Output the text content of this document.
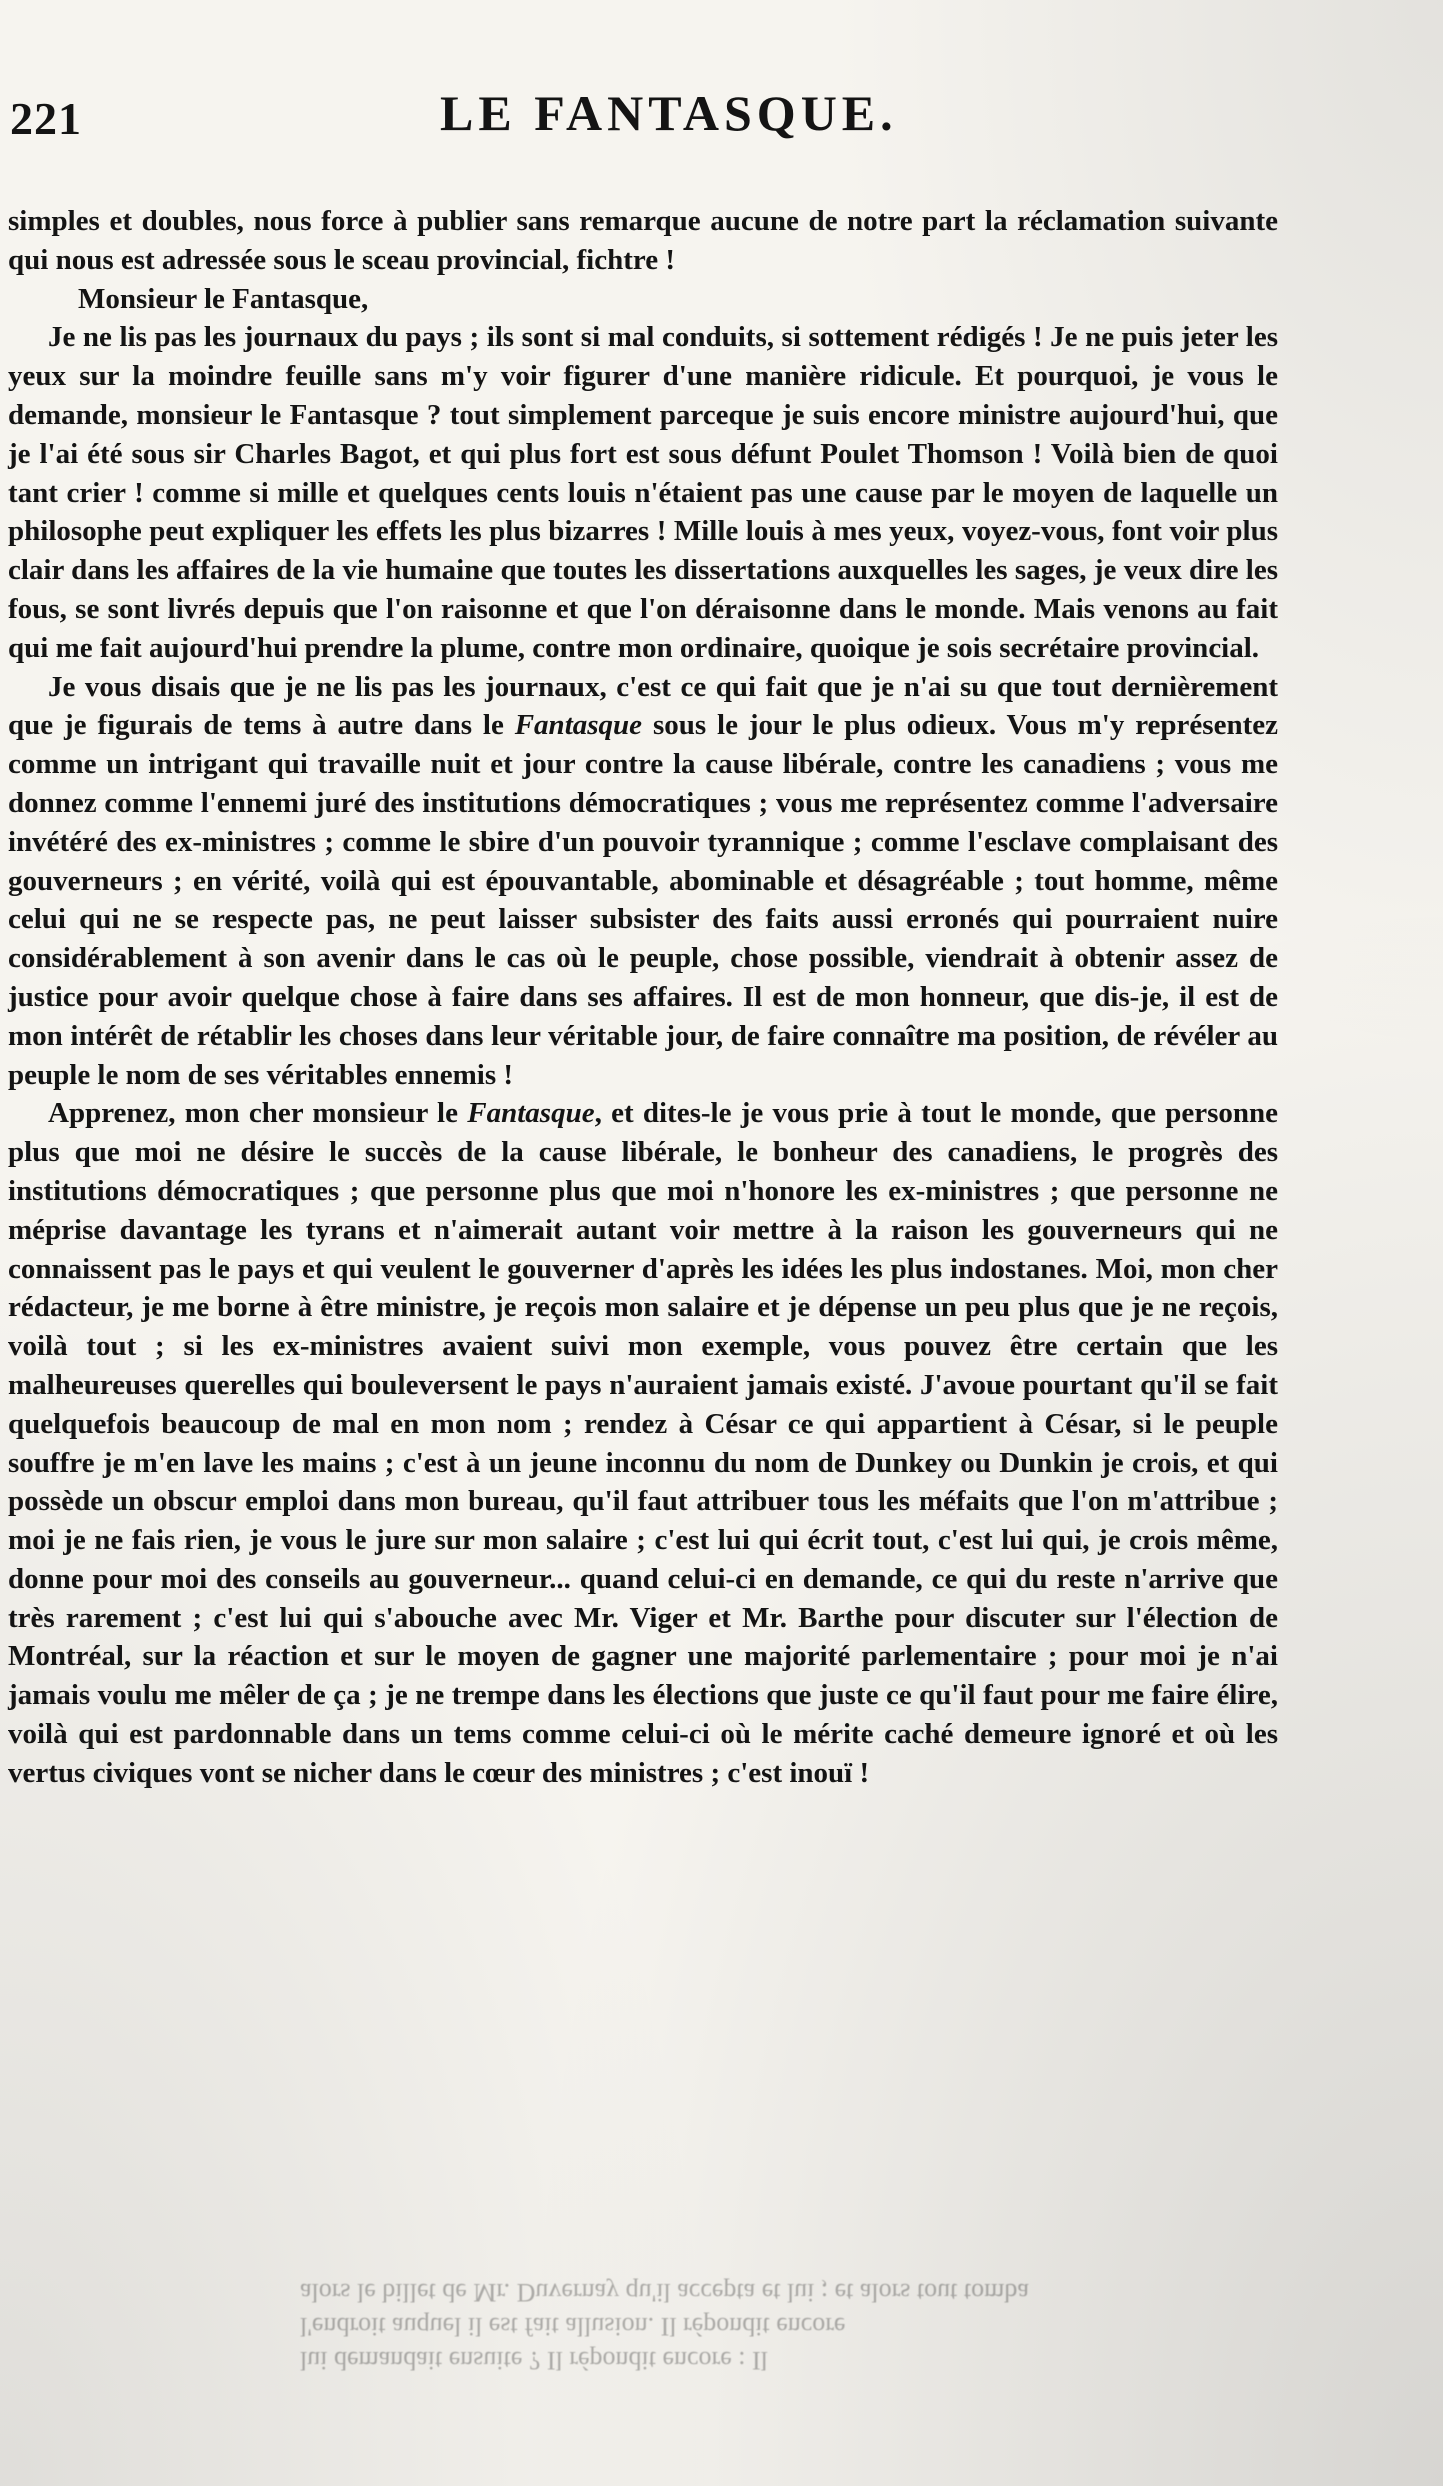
221	LE FANTASQUE.

simples et doubles, nous force à publier sans remarque aucune de notre part la réclamation suivante qui nous est adressée sous le sceau provincial, fichtre !

Monsieur le Fantasque,

Je ne lis pas les journaux du pays ; ils sont si mal conduits, si sottement rédigés ! Je ne puis jeter les yeux sur la moindre feuille sans m'y voir figurer d'une manière ridicule. Et pourquoi, je vous le demande, monsieur le Fantasque ? tout simplement parceque je suis encore ministre aujourd'hui, que je l'ai été sous sir Charles Bagot, et qui plus fort est sous défunt Poulet Thomson ! Voilà bien de quoi tant crier ! comme si mille et quelques cents louis n'étaient pas une cause par le moyen de laquelle un philosophe peut expliquer les effets les plus bizarres ! Mille louis à mes yeux, voyez-vous, font voir plus clair dans les affaires de la vie humaine que toutes les dissertations auxquelles les sages, je veux dire les fous, se sont livrés depuis que l'on raisonne et que l'on déraisonne dans le monde. Mais venons au fait qui me fait aujourd'hui prendre la plume, contre mon ordinaire, quoique je sois secrétaire provincial.

Je vous disais que je ne lis pas les journaux, c'est ce qui fait que je n'ai su que tout dernièrement que je figurais de tems à autre dans le Fantasque sous le jour le plus odieux. Vous m'y représentez comme un intrigant qui travaille nuit et jour contre la cause libérale, contre les canadiens ; vous me donnez comme l'ennemi juré des institutions démocratiques ; vous me représentez comme l'adversaire invétéré des ex-ministres ; comme le sbire d'un pouvoir tyrannique ; comme l'esclave complaisant des gouverneurs ; en vérité, voilà qui est épouvantable, abominable et désagréable ; tout homme, même celui qui ne se respecte pas, ne peut laisser subsister des faits aussi erronés qui pourraient nuire considérablement à son avenir dans le cas où le peuple, chose possible, viendrait à obtenir assez de justice pour avoir quelque chose à faire dans ses affaires. Il est de mon honneur, que dis-je, il est de mon intérêt de rétablir les choses dans leur véritable jour, de faire connaître ma position, de révéler au peuple le nom de ses véritables ennemis !

Apprenez, mon cher monsieur le Fantasque, et dites-le je vous prie à tout le monde, que personne plus que moi ne désire le succès de la cause libérale, le bonheur des canadiens, le progrès des institutions démocratiques ; que personne plus que moi n'honore les ex-ministres ; que personne ne méprise davantage les tyrans et n'aimerait autant voir mettre à la raison les gouverneurs qui ne connaissent pas le pays et qui veulent le gouverner d'après les idées les plus indostanes. Moi, mon cher rédacteur, je me borne à être ministre, je reçois mon salaire et je dépense un peu plus que je ne reçois, voilà tout ; si les ex-ministres avaient suivi mon exemple, vous pouvez être certain que les malheureuses querelles qui bouleversent le pays n'auraient jamais existé. J'avoue pourtant qu'il se fait quelquefois beaucoup de mal en mon nom ; rendez à César ce qui appartient à César, si le peuple souffre je m'en lave les mains ; c'est à un jeune inconnu du nom de Dunkey ou Dunkin je crois, et qui possède un obscur emploi dans mon bureau, qu'il faut attribuer tous les méfaits que l'on m'attribue ; moi je ne fais rien, je vous le jure sur mon salaire ; c'est lui qui écrit tout, c'est lui qui, je crois même, donne pour moi des conseils au gouverneur... quand celui-ci en demande, ce qui du reste n'arrive que très rarement ; c'est lui qui s'abouche avec Mr. Viger et Mr. Barthe pour discuter sur l'élection de Montréal, sur la réaction et sur le moyen de gagner une majorité parlementaire ; pour moi je n'ai jamais voulu me mêler de ça ; je ne trempe dans les élections que juste ce qu'il faut pour me faire élire, voilà qui est pardonnable dans un tems comme celui-ci où le mérite caché demeure ignoré et où les vertus civiques vont se nicher dans le cœur des ministres ; c'est inouï !

lui demandait ensuite ? Il répondit encore : Il
l'endroit auquel il est fait allusion. Il répondit encore
alors le billet de Mr. Duvernay qu'il accepta et lui ; et alors tout tomba
